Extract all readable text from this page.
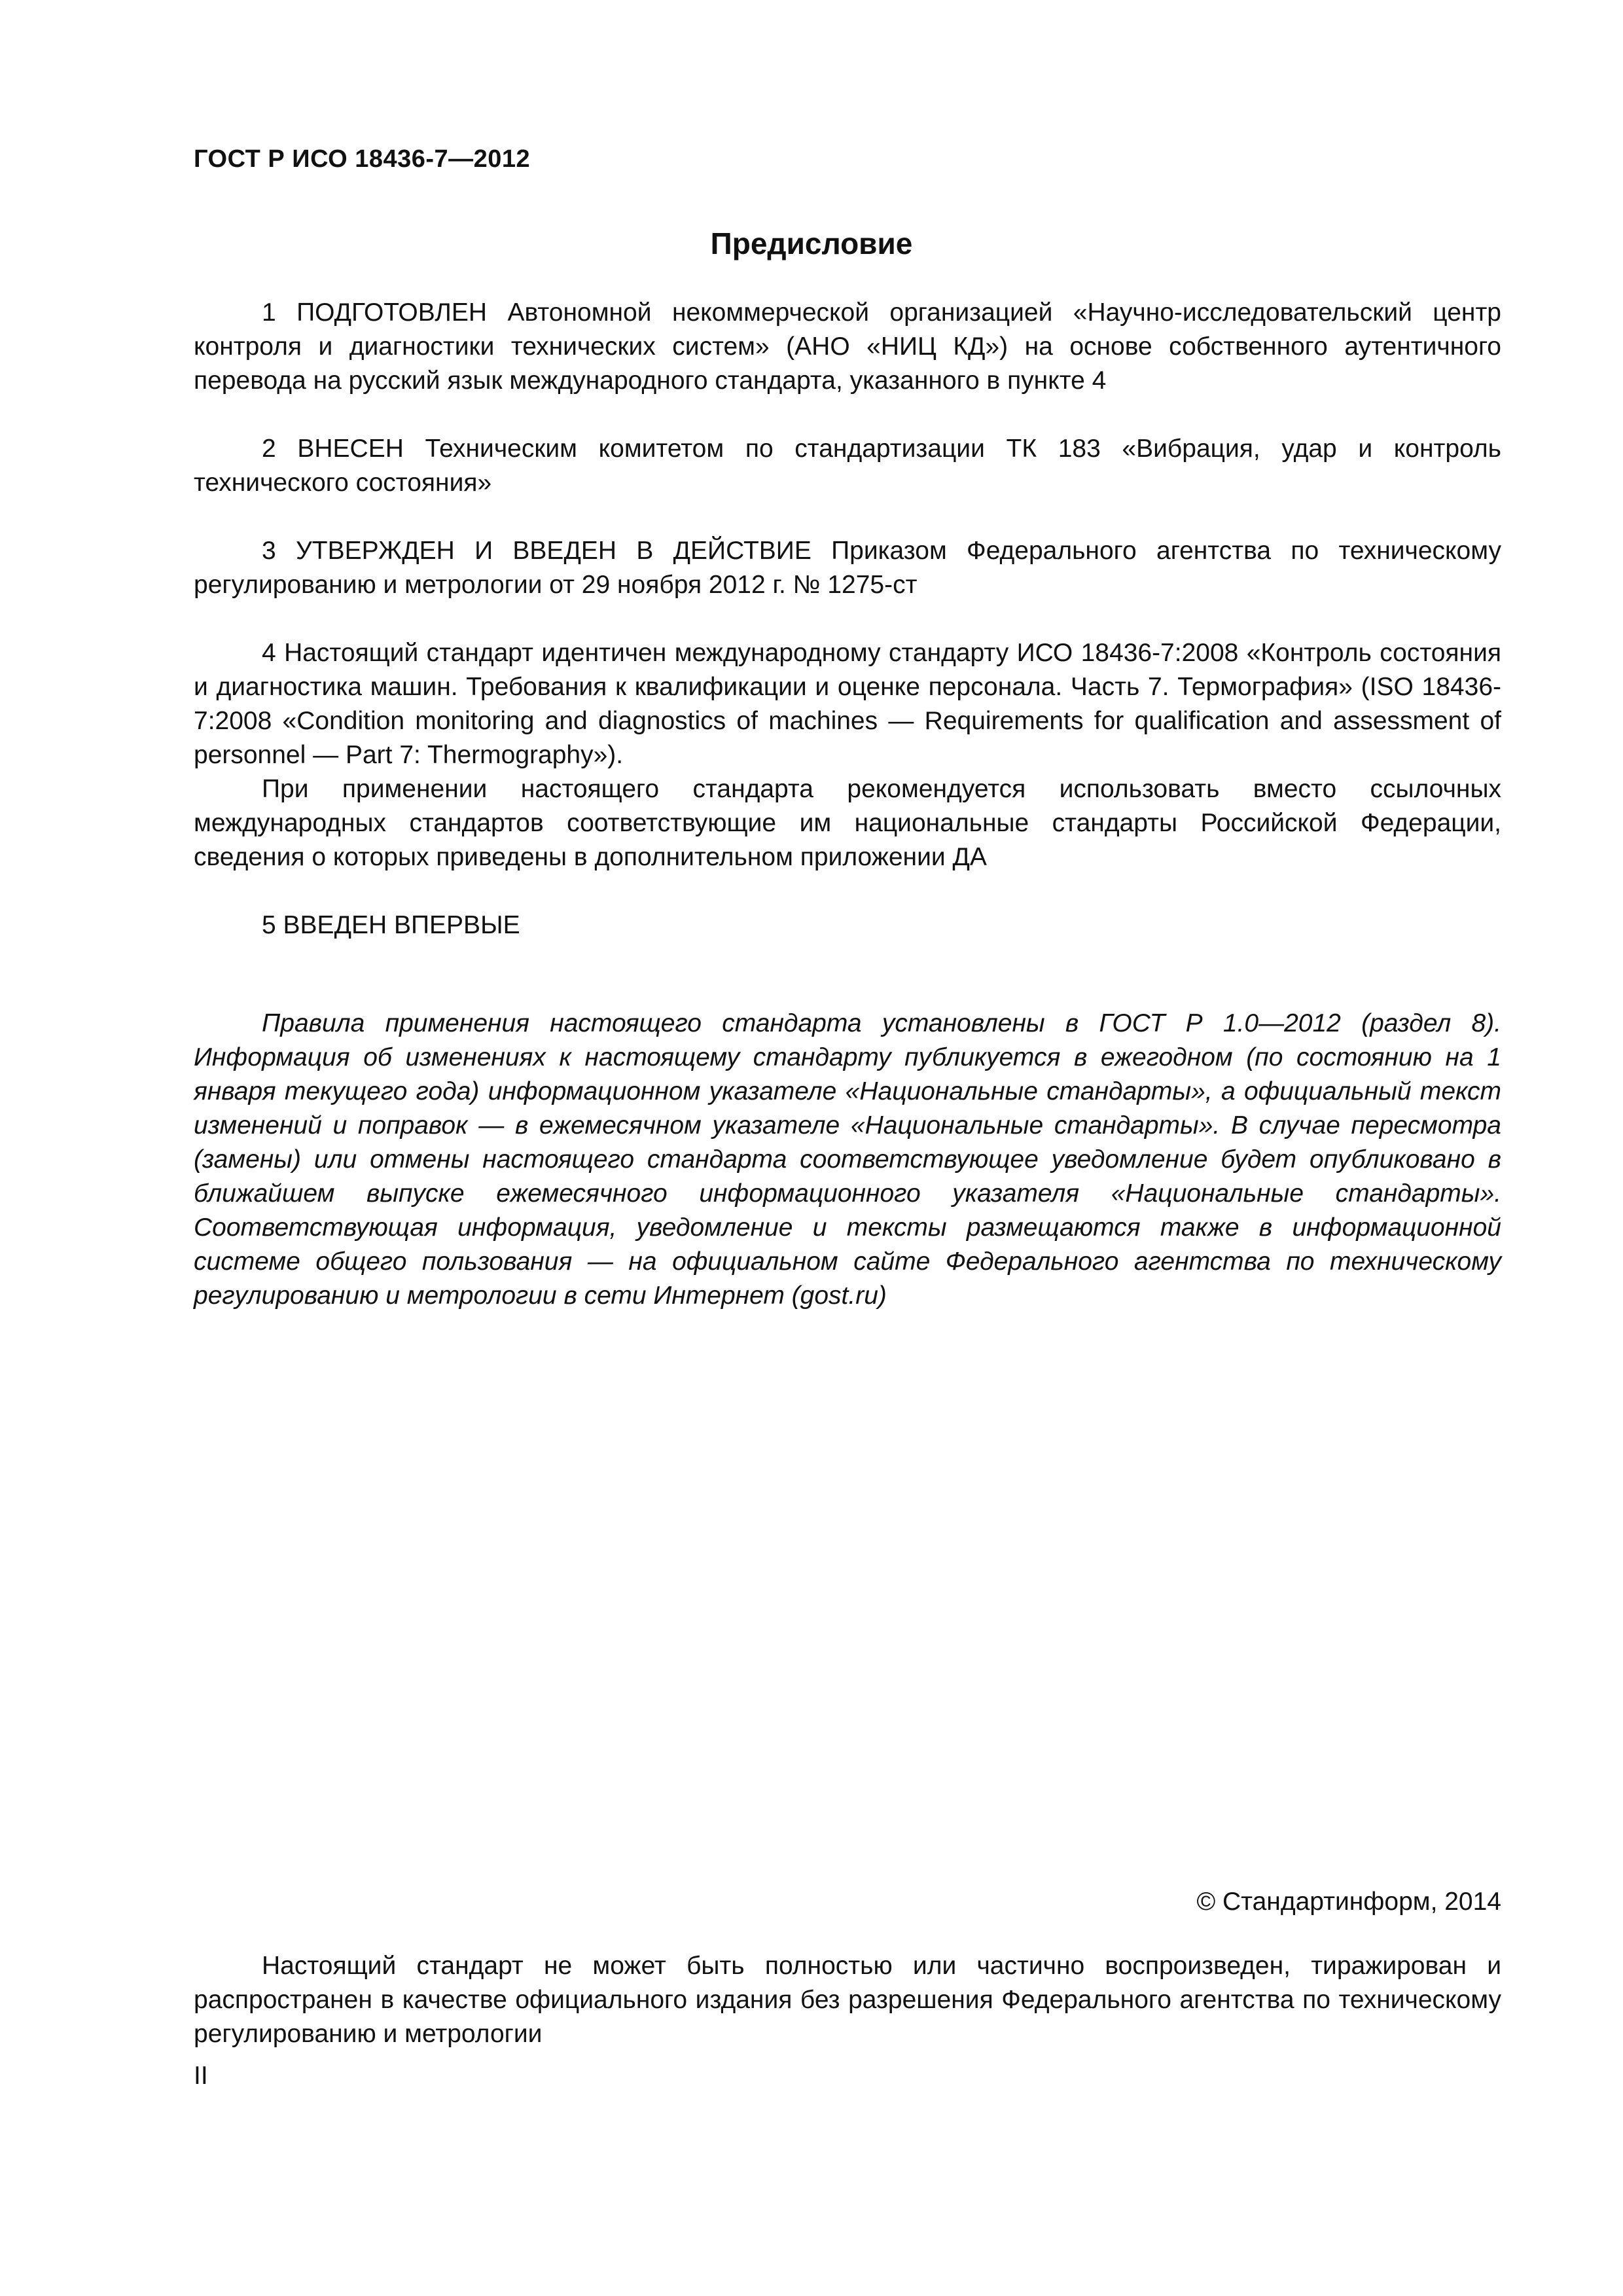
ГОСТ Р ИСО 18436-7—2012
Предисловие

1 ПОДГОТОВЛЕН Автономной некоммерческой организацией «Научно-исследовательский центр контроля и диагностики технических систем» (АНО «НИЦ КД») на основе собственного аутентичного перевода на русский язык международного стандарта, указанного в пункте 4

2 ВНЕСЕН Техническим комитетом по стандартизации ТК 183 «Вибрация, удар и контроль технического состояния»

3 УТВЕРЖДЕН И ВВЕДЕН В ДЕЙСТВИЕ Приказом Федерального агентства по техническому регулированию и метрологии от 29 ноября 2012 г. № 1275-ст

4 Настоящий стандарт идентичен международному стандарту ИСО 18436-7:2008 «Контроль состояния и диагностика машин. Требования к квалификации и оценке персонала. Часть 7. Термография» (ISO 18436-7:2008 «Condition monitoring and diagnostics of machines — Requirements for qualification and assessment of personnel — Part 7: Thermography»).

При применении настоящего стандарта рекомендуется использовать вместо ссылочных международных стандартов соответствующие им национальные стандарты Российской Федерации, сведения о которых приведены в дополнительном приложении ДА

5 ВВЕДЕН ВПЕРВЫЕ

Правила применения настоящего стандарта установлены в ГОСТ Р 1.0—2012 (раздел 8). Информация об изменениях к настоящему стандарту публикуется в ежегодном (по состоянию на 1 января текущего года) информационном указателе «Национальные стандарты», а официальный текст изменений и поправок — в ежемесячном указателе «Национальные стандарты». В случае пересмотра (замены) или отмены настоящего стандарта соответствующее уведомление будет опубликовано в ближайшем выпуске ежемесячного информационного указателя «Национальные стандарты». Соответствующая информация, уведомление и тексты размещаются также в информационной системе общего пользования — на официальном сайте Федерального агентства по техническому регулированию и метрологии в сети Интернет (gost.ru)

© Стандартинформ, 2014

Настоящий стандарт не может быть полностью или частично воспроизведен, тиражирован и распространен в качестве официального издания без разрешения Федерального агентства по техническому регулированию и метрологии

II
